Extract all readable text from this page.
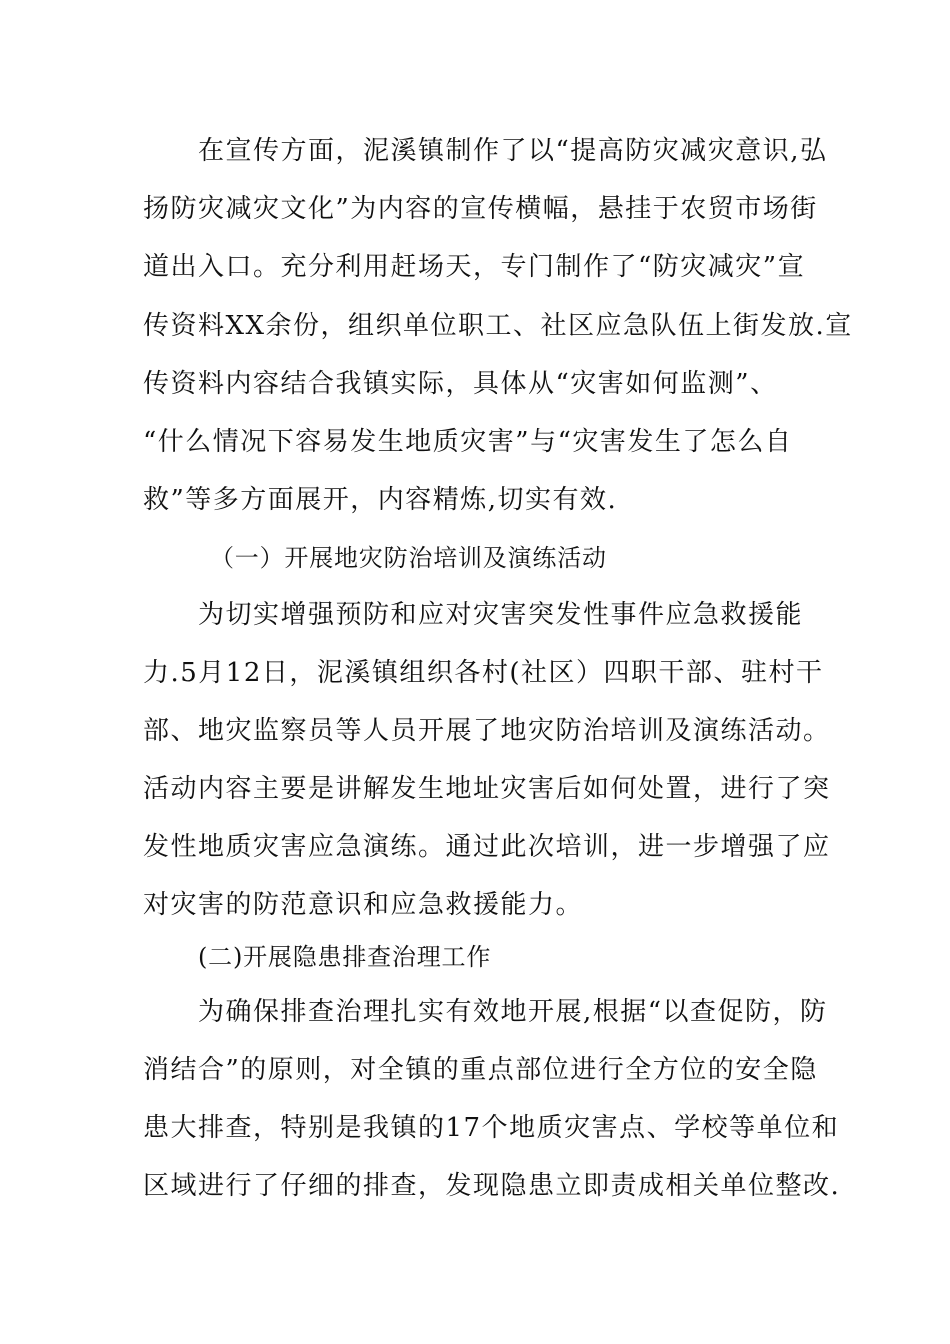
在宣传方面，泥溪镇制作了以“提高防灾减灾意识,弘
扬防灾减灾文化”为内容的宣传横幅，悬挂于农贸市场街
道出入口。充分利用赶场天，专门制作了“防灾减灾”宣
传资料XX余份，组织单位职工、社区应急队伍上街发放.宣
传资料内容结合我镇实际，具体从“灾害如何监测”、
“什么情况下容易发生地质灾害”与“灾害发生了怎么自
救”等多方面展开，内容精炼,切实有效.
（一）开展地灾防治培训及演练活动
为切实增强预防和应对灾害突发性事件应急救援能
力.5月12日，泥溪镇组织各村(社区）四职干部、驻村干
部、地灾监察员等人员开展了地灾防治培训及演练活动。
活动内容主要是讲解发生地址灾害后如何处置，进行了突
发性地质灾害应急演练。通过此次培训，进一步增强了应
对灾害的防范意识和应急救援能力。
(二)开展隐患排查治理工作
为确保排查治理扎实有效地开展,根据“以查促防，防
消结合”的原则，对全镇的重点部位进行全方位的安全隐
患大排查，特别是我镇的17个地质灾害点、学校等单位和
区域进行了仔细的排查，发现隐患立即责成相关单位整改.
